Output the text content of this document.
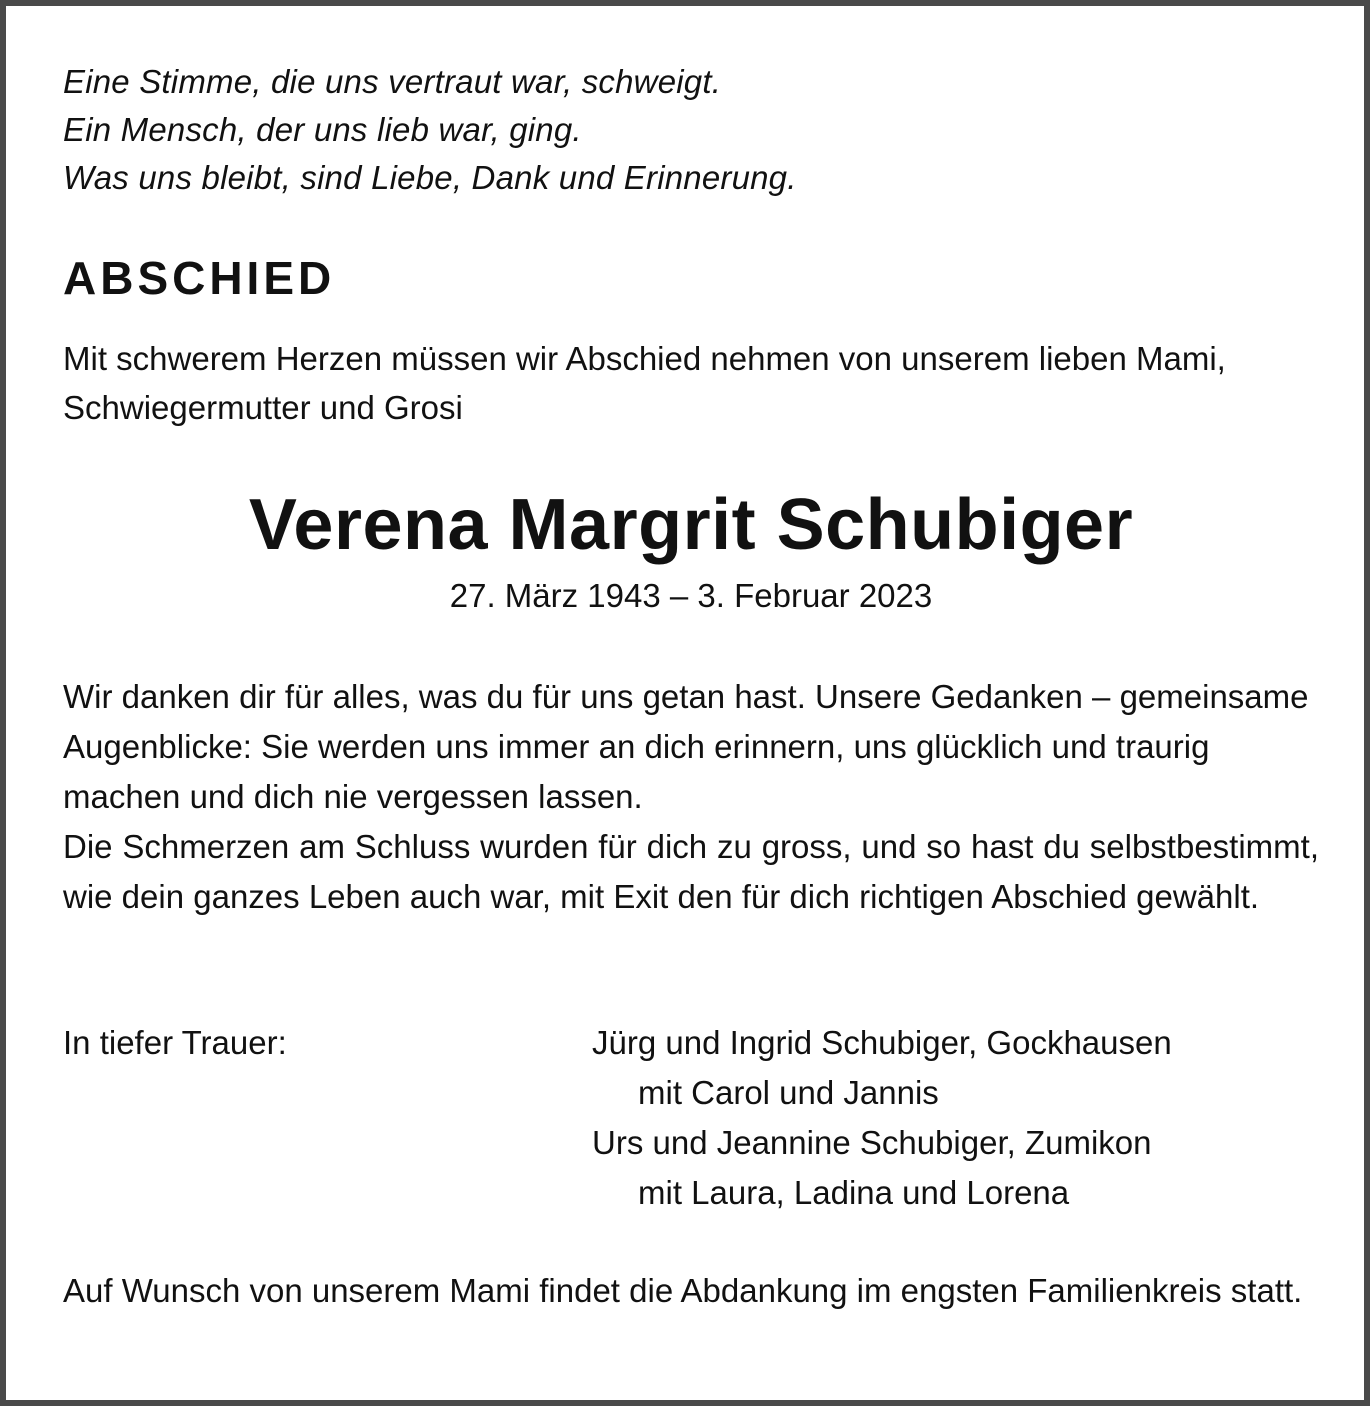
Eine Stimme, die uns vertraut war, schweigt.

Ein Mensch, der uns lieb war, ging.

Was uns bleibt, sind Liebe, Dank und Erinnerung.

ABSCHIED

Mit schwerem Herzen müssen wir Abschied nehmen von unserem lieben Mami, Schwiegermutter und Grosi

Verena Margrit Schubiger

27. März 1943 – 3. Februar 2023

Wir danken dir für alles, was du für uns getan hast. Unsere Gedanken – gemeinsame Augenblicke: Sie werden uns immer an dich erinnern, uns glücklich und traurig machen und dich nie vergessen lassen.

Die Schmerzen am Schluss wurden für dich zu gross, und so hast du selbstbestimmt, wie dein ganzes Leben auch war, mit Exit den für dich richtigen Abschied gewählt.

In tiefer Trauer:	Jürg und Ingrid Schubiger, Gockhausen

mit Carol und Jannis

Urs und Jeannine Schubiger, Zumikon

mit Laura, Ladina und Lorena

Auf Wunsch von unserem Mami findet die Abdankung im engsten Familienkreis statt.
